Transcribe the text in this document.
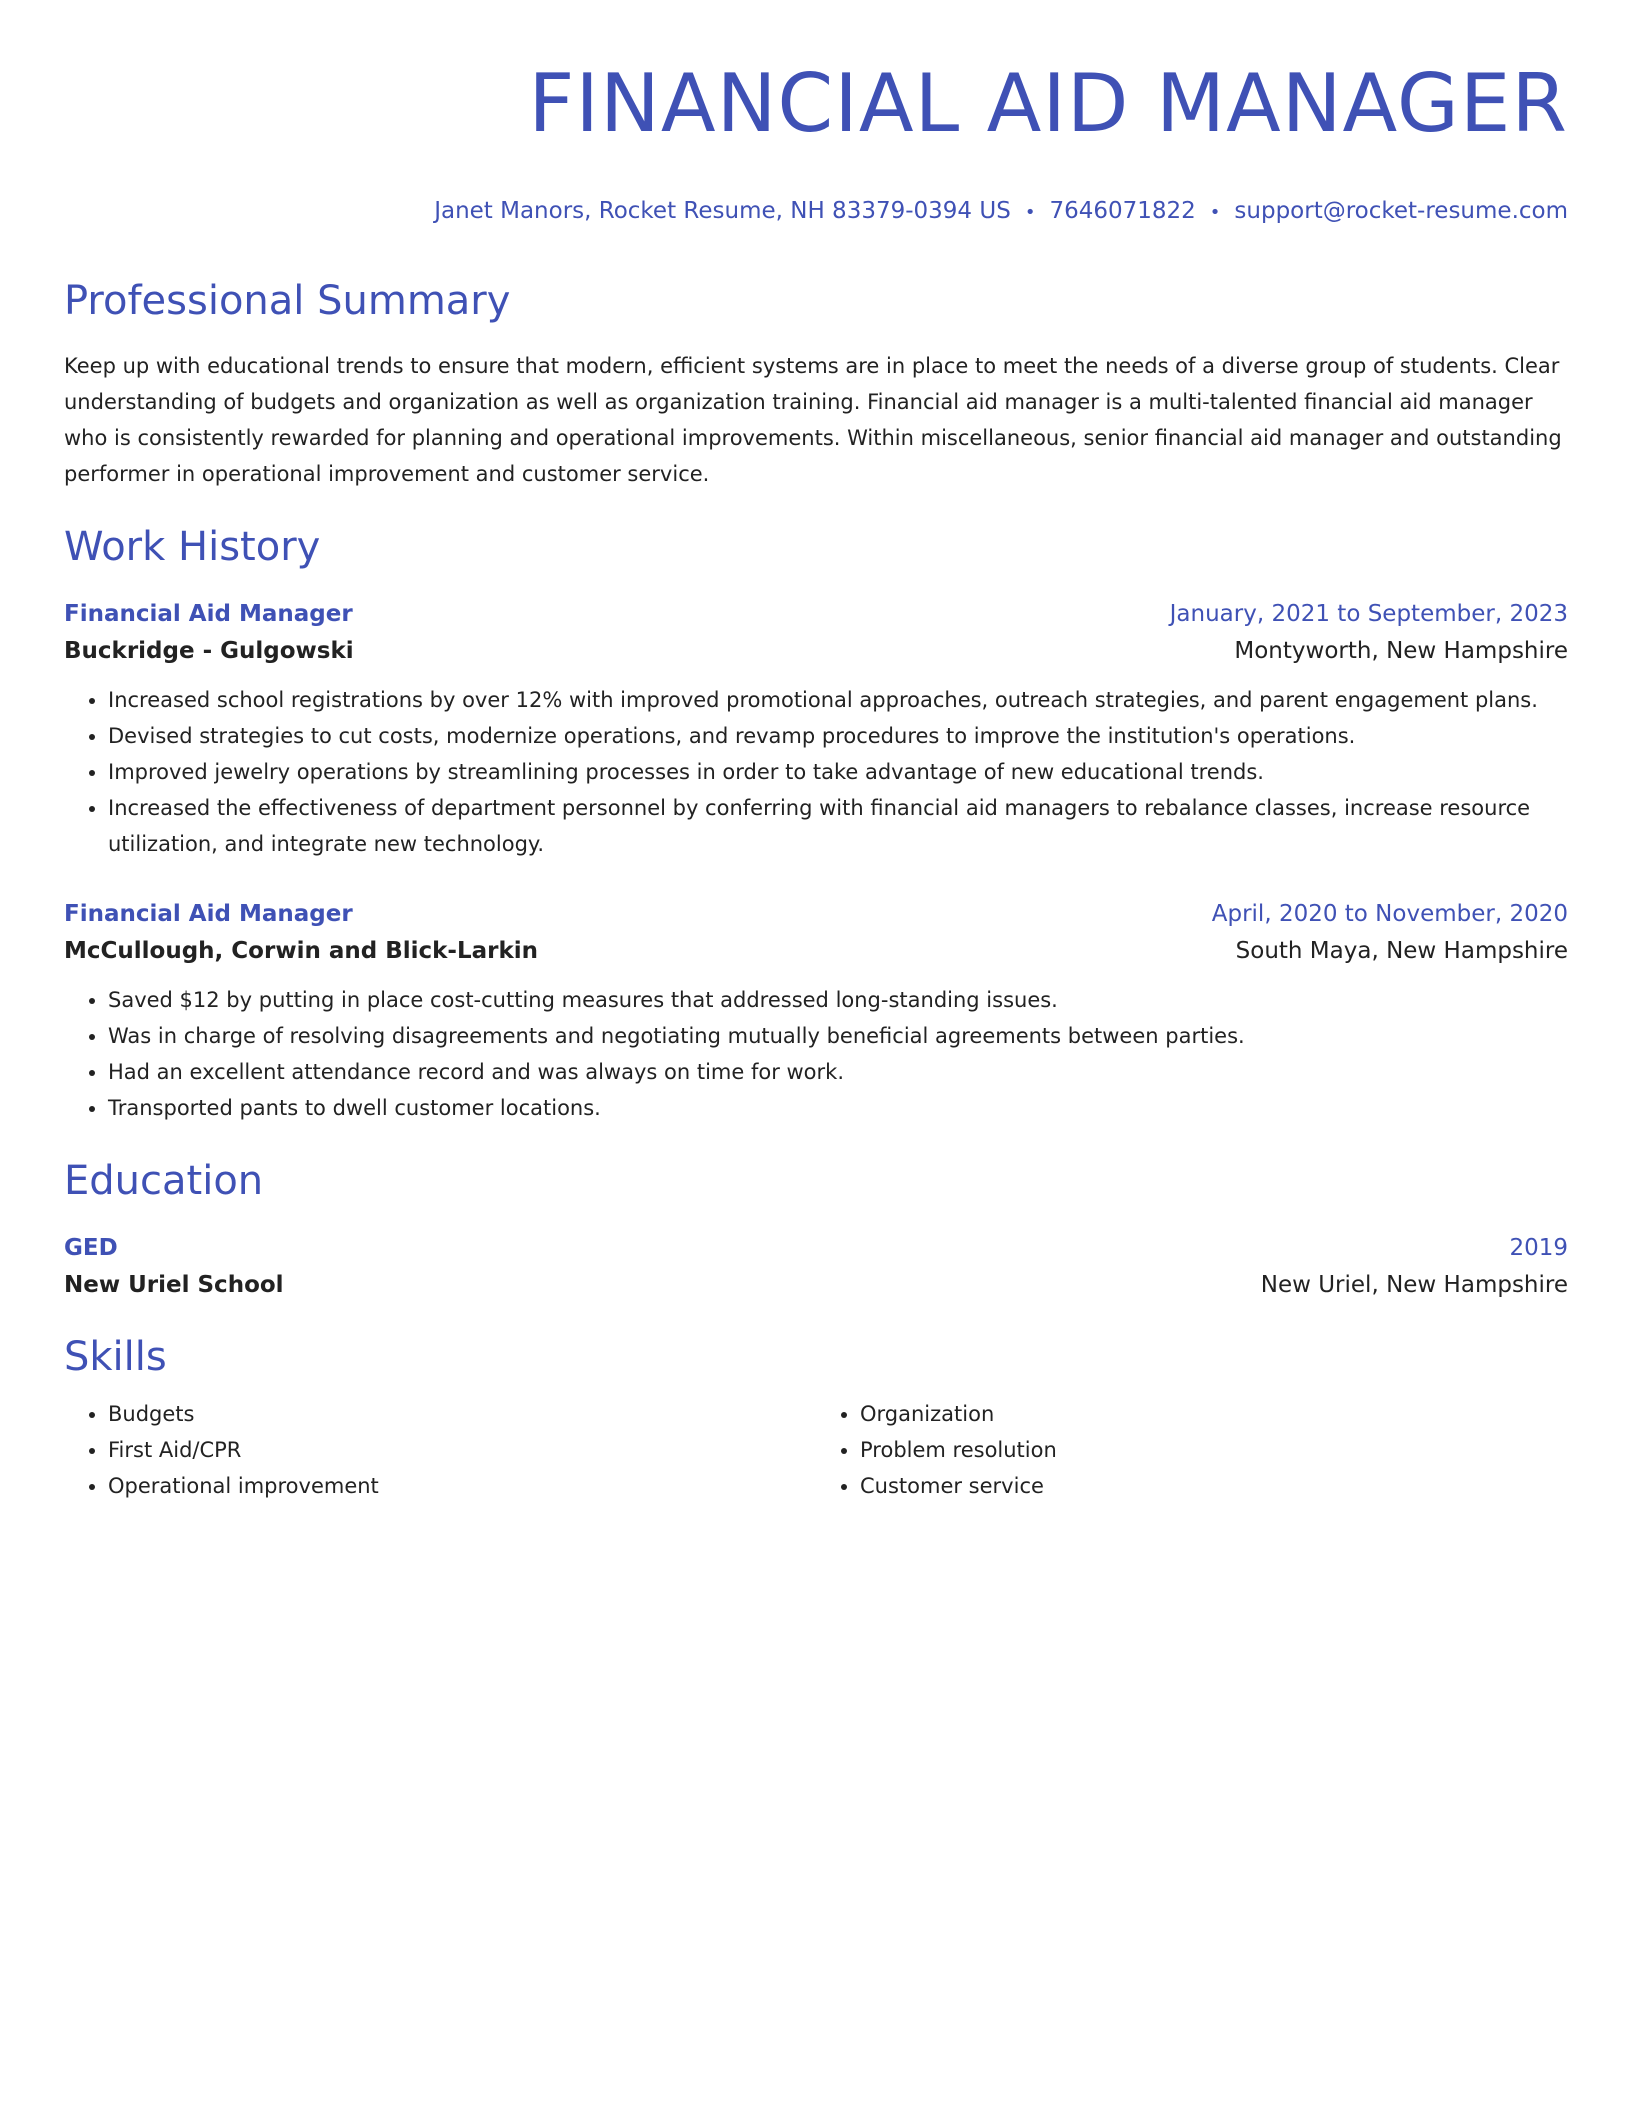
FINANCIAL AID MANAGER
Janet Manors, Rocket Resume, NH 83379-0394 US • 7646071822 • support@rocket-resume.com
Professional Summary

Keep up with educational trends to ensure that modern, efficient systems are in place to meet the needs of a diverse group of students. Clear understanding of budgets and organization as well as organization training. Financial aid manager is a multi-talented financial aid manager who is consistently rewarded for planning and operational improvements. Within miscellaneous, senior financial aid manager and outstanding performer in operational improvement and customer service.

Work History
Financial Aid Manager	January, 2021 to September, 2023
Buckridge - Gulgowski	Montyworth, New Hampshire
• Increased school registrations by over 12% with improved promotional approaches, outreach strategies, and parent engagement plans.
• Devised strategies to cut costs, modernize operations, and revamp procedures to improve the institution's operations.
• Improved jewelry operations by streamlining processes in order to take advantage of new educational trends.
• Increased the effectiveness of department personnel by conferring with financial aid managers to rebalance classes, increase resource utilization, and integrate new technology.
Financial Aid Manager	April, 2020 to November, 2020
McCullough, Corwin and Blick-Larkin	South Maya, New Hampshire
• Saved $12 by putting in place cost-cutting measures that addressed long-standing issues.
• Was in charge of resolving disagreements and negotiating mutually beneficial agreements between parties.
• Had an excellent attendance record and was always on time for work.
• Transported pants to dwell customer locations.
Education
GED	2019
New Uriel School	New Uriel, New Hampshire
Skills
• Budgets
• First Aid/CPR
• Operational improvement
• Organization
• Problem resolution
• Customer service
